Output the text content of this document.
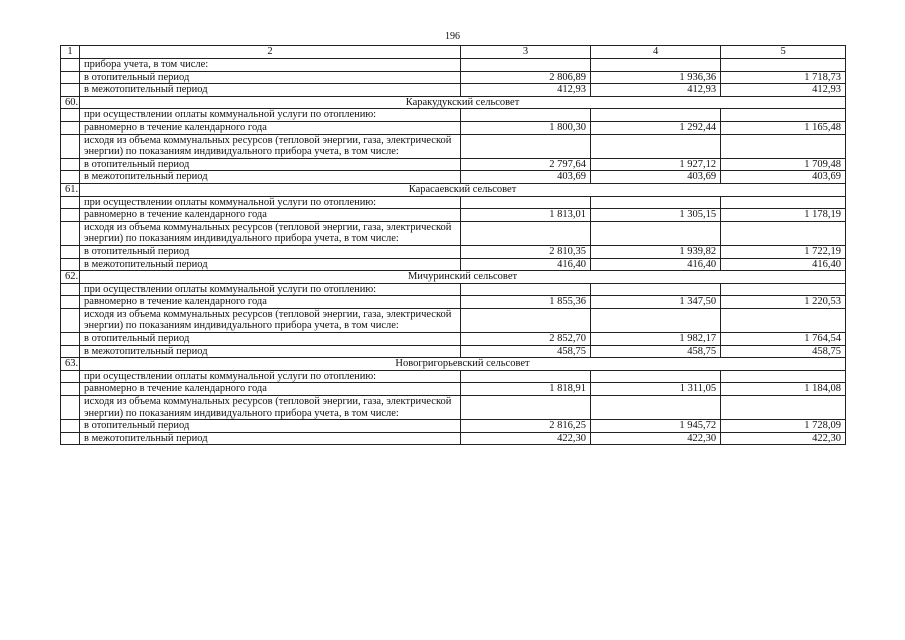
196
1	2	3	4	5
	прибора учета, в том числе:			
	в отопительный период	2 806,89	1 936,36	1 718,73
	в межотопительный период	412,93	412,93	412,93
60.	Каракудукский сельсовет			
	при осуществлении оплаты коммунальной услуги по отоплению:			
	равномерно в течение календарного года	1 800,30	1 292,44	1 165,48
	исходя из объема коммунальных ресурсов (тепловой энергии, газа, электрической энергии) по показаниям индивидуального прибора учета, в том числе:			
	в отопительный период	2 797,64	1 927,12	1 709,48
	в межотопительный период	403,69	403,69	403,69
61.	Карасаевский сельсовет			
	при осуществлении оплаты коммунальной услуги по отоплению:			
	равномерно в течение календарного года	1 813,01	1 305,15	1 178,19
	исходя из объема коммунальных ресурсов (тепловой энергии, газа, электрической энергии) по показаниям индивидуального прибора учета, в том числе:			
	в отопительный период	2 810,35	1 939,82	1 722,19
	в межотопительный период	416,40	416,40	416,40
62.	Мичуринский сельсовет			
	при осуществлении оплаты коммунальной услуги по отоплению:			
	равномерно в течение календарного года	1 855,36	1 347,50	1 220,53
	исходя из объема коммунальных ресурсов (тепловой энергии, газа, электрической энергии) по показаниям индивидуального прибора учета, в том числе:			
	в отопительный период	2 852,70	1 982,17	1 764,54
	в межотопительный период	458,75	458,75	458,75
63.	Новогригорьевский сельсовет			
	при осуществлении оплаты коммунальной услуги по отоплению:			
	равномерно в течение календарного года	1 818,91	1 311,05	1 184,08
	исходя из объема коммунальных ресурсов (тепловой энергии, газа, электрической энергии) по показаниям индивидуального прибора учета, в том числе:			
	в отопительный период	2 816,25	1 945,72	1 728,09
	в межотопительный период	422,30	422,30	422,30
